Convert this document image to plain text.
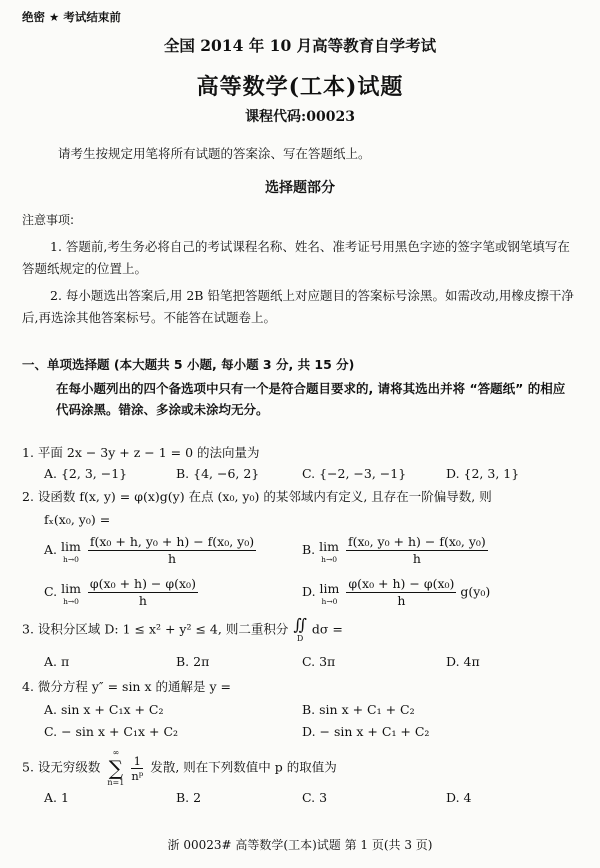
绝密 ★ 考试结束前
全国 2014 年 10 月高等教育自学考试
高等数学(工本)试题
课程代码:00023
请考生按规定用笔将所有试题的答案涂、写在答题纸上。
选择题部分
注意事项:
1. 答题前,考生务必将自己的考试课程名称、姓名、准考证号用黑色字迹的签字笔或钢笔填写在答题纸规定的位置上。
2. 每小题选出答案后,用 2B 铅笔把答题纸上对应题目的答案标号涂黑。如需改动,用橡皮擦干净后,再选涂其他答案标号。不能答在试题卷上。
一、单项选择题 (本大题共 5 小题, 每小题 3 分, 共 15 分)
在每小题列出的四个备选项中只有一个是符合题目要求的, 请将其选出并将 “答题纸” 的相应代码涂黑。错涂、多涂或未涂均无分。
1. 平面 2x − 3y + z − 1 = 0 的法向量为
A. {2, 3, −1}	B. {4, −6, 2}	C. {−2, −3, −1}	D. {2, 3, 1}
2. 设函数 f(x, y) = φ(x)g(y) 在点 (x₀, y₀) 的某邻域内有定义, 且存在一阶偏导数, 则
fₓ(x₀, y₀) =
A. lim
h→0
$\frac{\text{f(x₀ + h, y₀ + h) − f(x₀, y₀)}}{h}$	B. lim
h→0
$\frac{\text{f(x₀, y₀ + h) − f(x₀, y₀)}}{h}$
C. lim
h→0
$\frac{\text{φ(x₀ + h) − φ(x₀)}}{h}$	D. lim
h→0
$\frac{\text{φ(x₀ + h) − φ(x₀)}}{h} g(y_0)$
3. 设积分区域 D: 1 ≤ x² + y² ≤ 4, 则二重积分 ∬
D
dσ =
A. π	B. 2π	C. 3π	D. 4π
4. 微分方程 y″ = sin x 的通解是 y =
A. sin x + C₁x + C₂	B. sin x + C₁ + C₂
C. − sin x + C₁x + C₂	D. − sin x + C₁ + C₂
5. 设无穷级数
∞
∑
n=1
$\frac{1}{\text{nᵖ}}$ 发散, 则在下列数值中 p 的取值为
A. 1	B. 2	C. 3	D. 4
浙 00023# 高等数学(工本)试题 第 1 页(共 3 页)
